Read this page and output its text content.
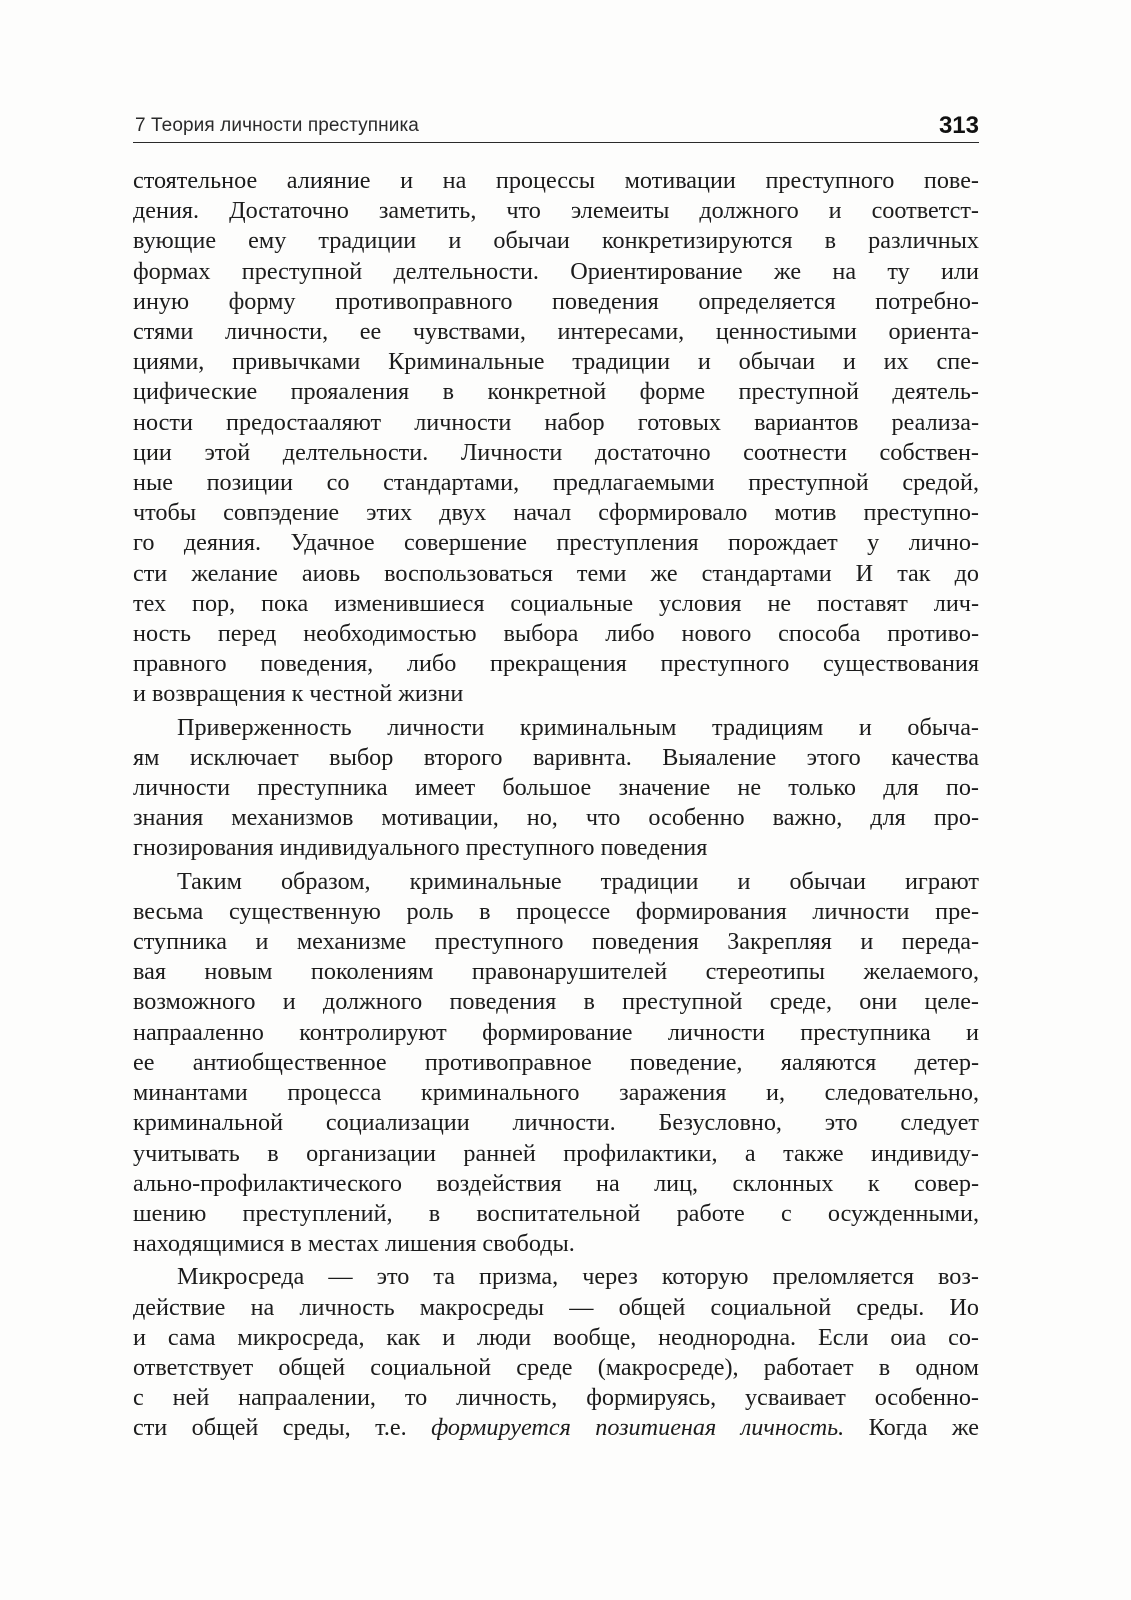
7 Теория личности преступника	313

стоятельное алияние и на процессы мотивации преступного пове-
дения. Достаточно заметить, что элемеиты должного и соответст-
вующие ему традиции и обычаи конкретизируются в различных
формах преступной делтельности. Ориентирование же на ту или
иную форму противоправного поведения определяется потребно-
стями личности, ее чувствами, интересами, ценностиыми ориента-
циями, привычками Криминальные традиции и обычаи и их спе-
цифические прояаления в конкретной форме преступной деятель-
ности предостаaляют личности набор готовых вариантов реализа-
ции этой делтельности. Личности достаточно соотнести собствен-
ные позиции со стандартами, предлагаемыми преступной средой,
чтобы совпэдение этих двух начал сформировало мотив преступно-
го деяния. Удачное совершение преступления порождает у лично-
сти желание аиовь воспользоваться теми же стандартами И так до
тех пор, пока изменившиеся социальные условия не поставят лич-
ность перед необходимостью выбора либо нового способа противо-
правного поведения, либо прекращения преступного существования
и возвращения к честной жизни

Приверженность личности криминальным традициям и обыча-
ям исключает выбор второго варивнта. Выяаление этого качества
личности преступника имеет большое значение не только для по-
знания механизмов мотивации, но, что особенно важно, для про-
гнозирования индивидуального преступного поведения

Таким образом, криминальные традиции и обычаи играют
весьма существенную роль в процессе формирования личности пре-
ступника и механизме преступного поведения Закрепляя и переда-
вая новым поколениям правонарушителей стереотипы желаемого,
возможного и должного поведения в преступной среде, они целе-
напрааленно контролируют формирование личности преступника и
ее антиобщественное противоправное поведение, яaляются детер-
минантами процесса криминального заражения и, следовательно,
криминальной социализации личности. Безусловно, это следует
учитывать в организации ранней профилактики, а также индивиду-
ально-профилактического воздействия на лиц, склонных к совер-
шению преступлений, в воспитательной работе с осужденными,
находящимися в местах лишения свободы.

Микросреда — это та призма, через которую преломляется воз-
действие на личность макросреды — общей социальной среды. Ио
и сама микросреда, как и люди вообще, неоднородна. Если оиа со-
ответствует общей социальной среде (макросреде), работает в одном
с ней напраалении, то личность, формируясь, усваивает особенно-
сти общей среды, т.е. формируется позитиеная личность. Когда же
